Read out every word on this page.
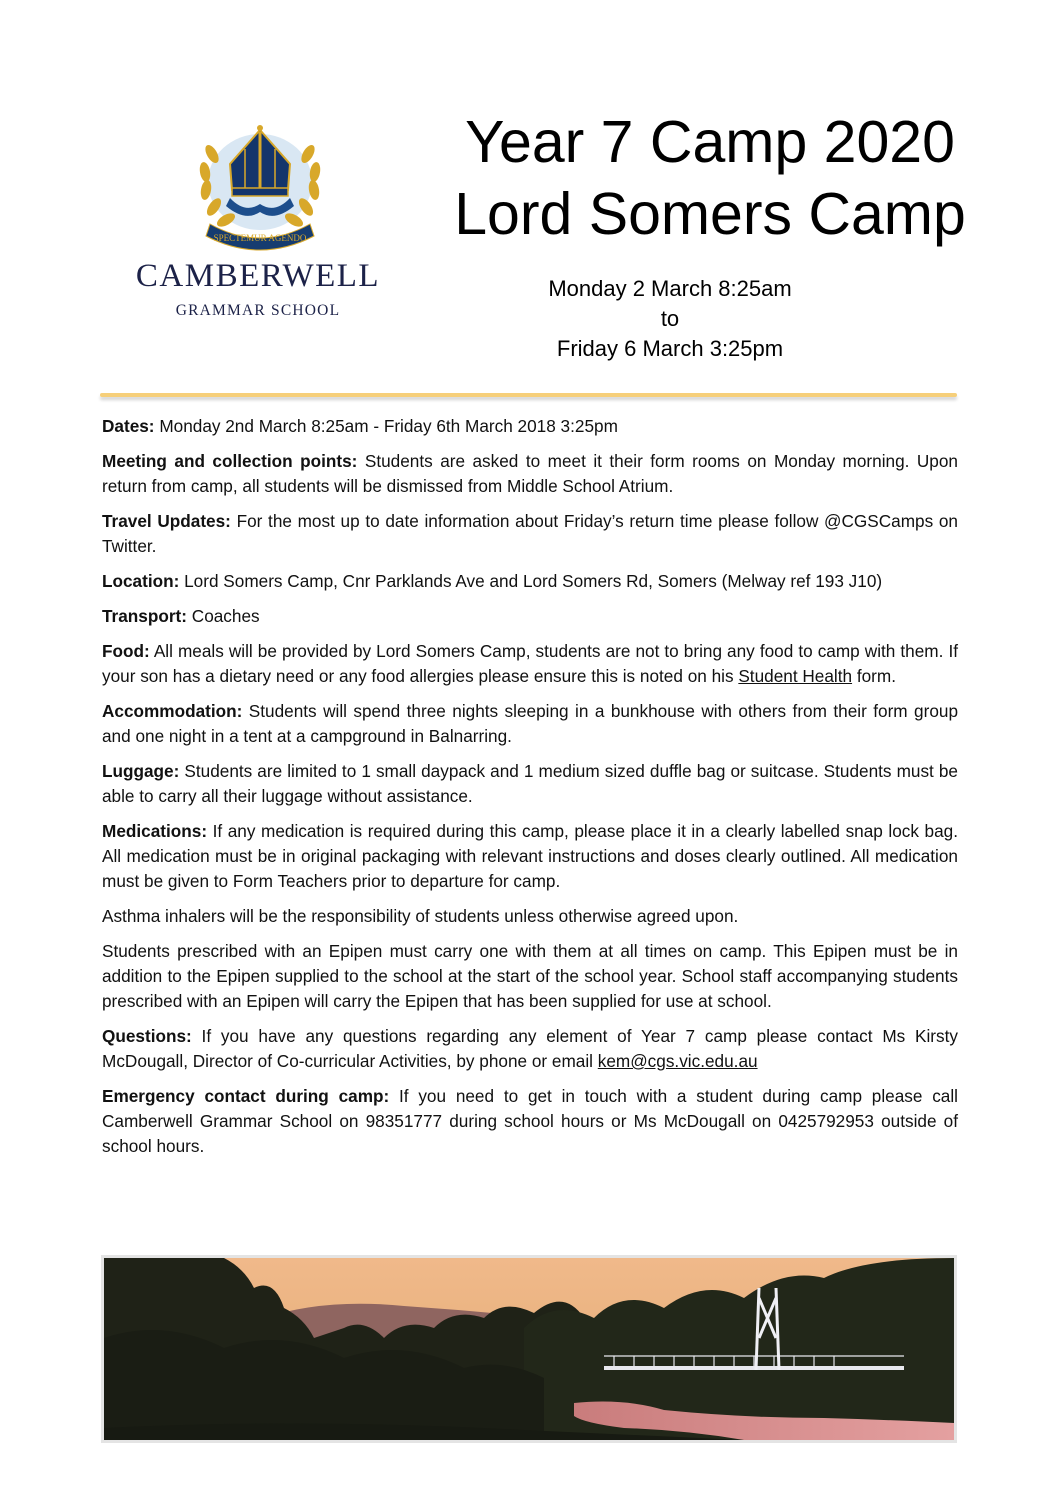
SPECTEMUR AGENDO
CAMBERWELL
GRAMMAR SCHOOL
Year 7 Camp 2020
Lord Somers Camp
Monday 2 March 8:25am
to
Friday 6 March 3:25pm

Dates: Monday 2nd March 8:25am - Friday 6th March 2018 3:25pm

Meeting and collection points: Students are asked to meet it their form rooms on Monday morning. Upon return from camp, all students will be dismissed from Middle School Atrium.

Travel Updates: For the most up to date information about Friday’s return time please follow @CGSCamps on Twitter.

Location: Lord Somers Camp, Cnr Parklands Ave and Lord Somers Rd, Somers (Melway ref 193 J10)

Transport: Coaches

Food: All meals will be provided by Lord Somers Camp, students are not to bring any food to camp with them. If your son has a dietary need or any food allergies please ensure this is noted on his Student Health form.

Accommodation: Students will spend three nights sleeping in a bunkhouse with others from their form group and one night in a tent at a campground in Balnarring.

Luggage: Students are limited to 1 small daypack and 1 medium sized duffle bag or suitcase. Students must be able to carry all their luggage without assistance.

Medications: If any medication is required during this camp, please place it in a clearly labelled snap lock bag. All medication must be in original packaging with relevant instructions and doses clearly outlined. All medication must be given to Form Teachers prior to departure for camp.

Asthma inhalers will be the responsibility of students unless otherwise agreed upon.

Students prescribed with an Epipen must carry one with them at all times on camp. This Epipen must be in addition to the Epipen supplied to the school at the start of the school year. School staff accompanying students prescribed with an Epipen will carry the Epipen that has been supplied for use at school.

Questions: If you have any questions regarding any element of Year 7 camp please contact Ms Kirsty McDougall, Director of Co-curricular Activities, by phone or email kem@cgs.vic.edu.au

Emergency contact during camp: If you need to get in touch with a student during camp please call Camberwell Grammar School on 98351777 during school hours or Ms McDougall on 0425792953 outside of school hours.
